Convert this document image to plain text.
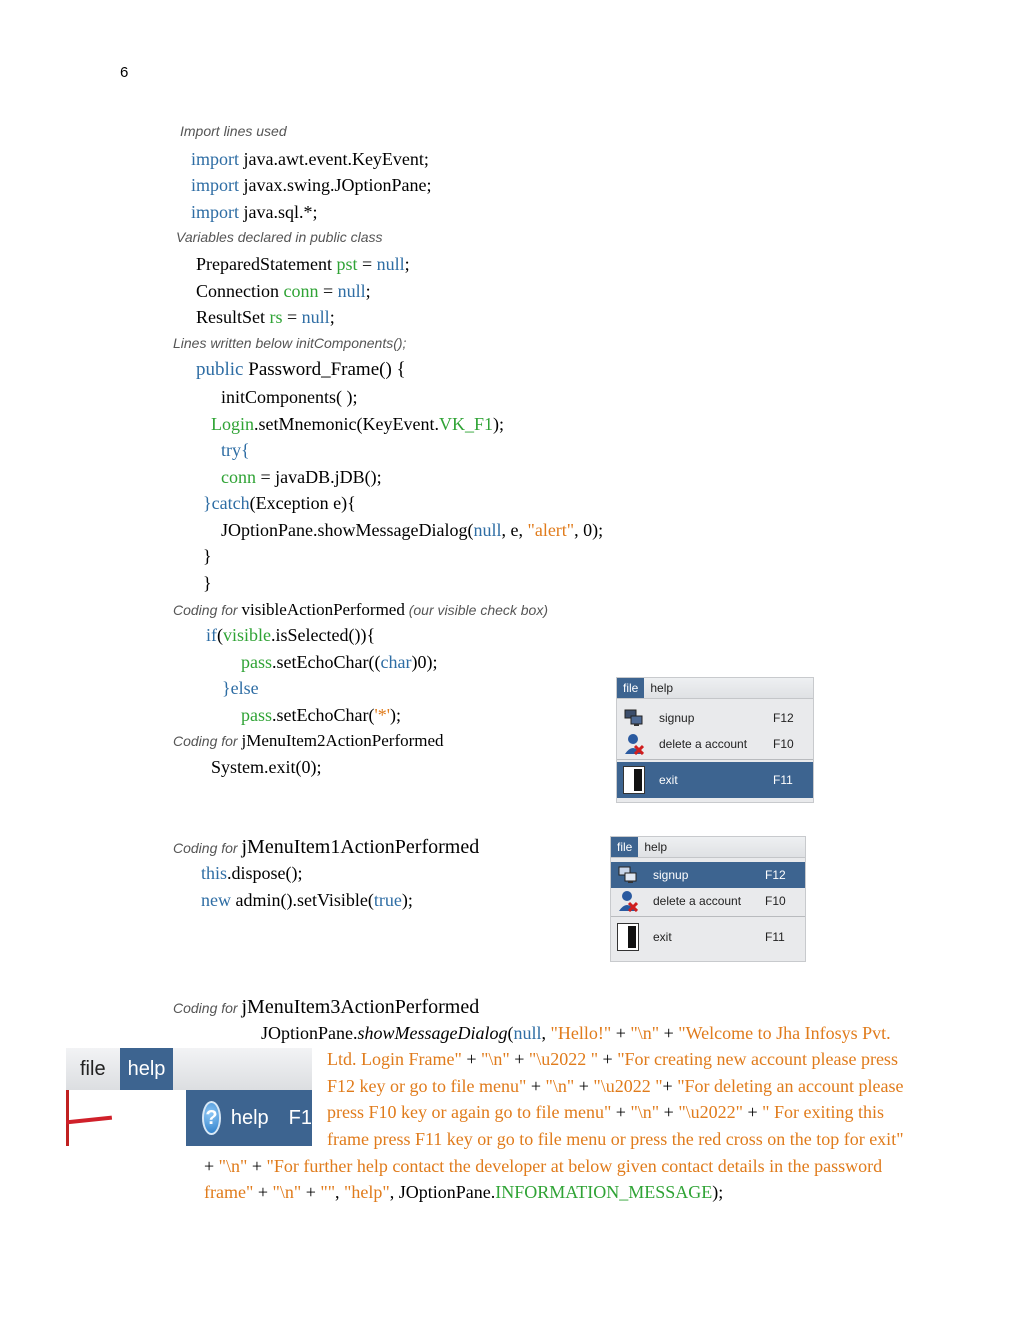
6
Import lines used
import java.awt.event.KeyEvent;
import javax.swing.JOptionPane;
import java.sql.*;
Variables declared in public class
PreparedStatement pst = null;
Connection conn = null;
ResultSet rs = null;
Lines written below initComponents();
public Password_Frame() {
initComponents( );
Login.setMnemonic(KeyEvent.VK_F1);
try{
conn = javaDB.jDB();
}catch(Exception e){
JOptionPane.showMessageDialog(null, e, "alert", 0);
}
}
Coding for visibleActionPerformed (our visible check box)
if(visible.isSelected()){
pass.setEchoChar((char)0);
}else
pass.setEchoChar('*');
Coding for jMenuItem2ActionPerformed
System.exit(0);
Coding for jMenuItem1ActionPerformed
this.dispose();
new admin().setVisible(true);
Coding for jMenuItem3ActionPerformed
JOptionPane.showMessageDialog(null, "Hello!" + "\n" + "Welcome to Jha Infosys Pvt.
Ltd. Login Frame" + "\n" + "\u2022 " + "For creating new account please press
F12 key or go to file menu" + "\n" + "\u2022 "+ "For deleting an account please
press F10 key or again go to file menu" + "\n" + "\u2022" + " For exiting this
frame press F11 key or go to file menu or press the red cross on the top for exit"
+ "\n" + "For further help contact the developer at below given contact details in the password
frame" + "\n" + "", "help", JOptionPane.INFORMATION_MESSAGE);
file	help
signup	F12
delete a account	F10
exit	F11
file	help
signup	F12
delete a account	F10
exit	F11
file	help
? help F1
